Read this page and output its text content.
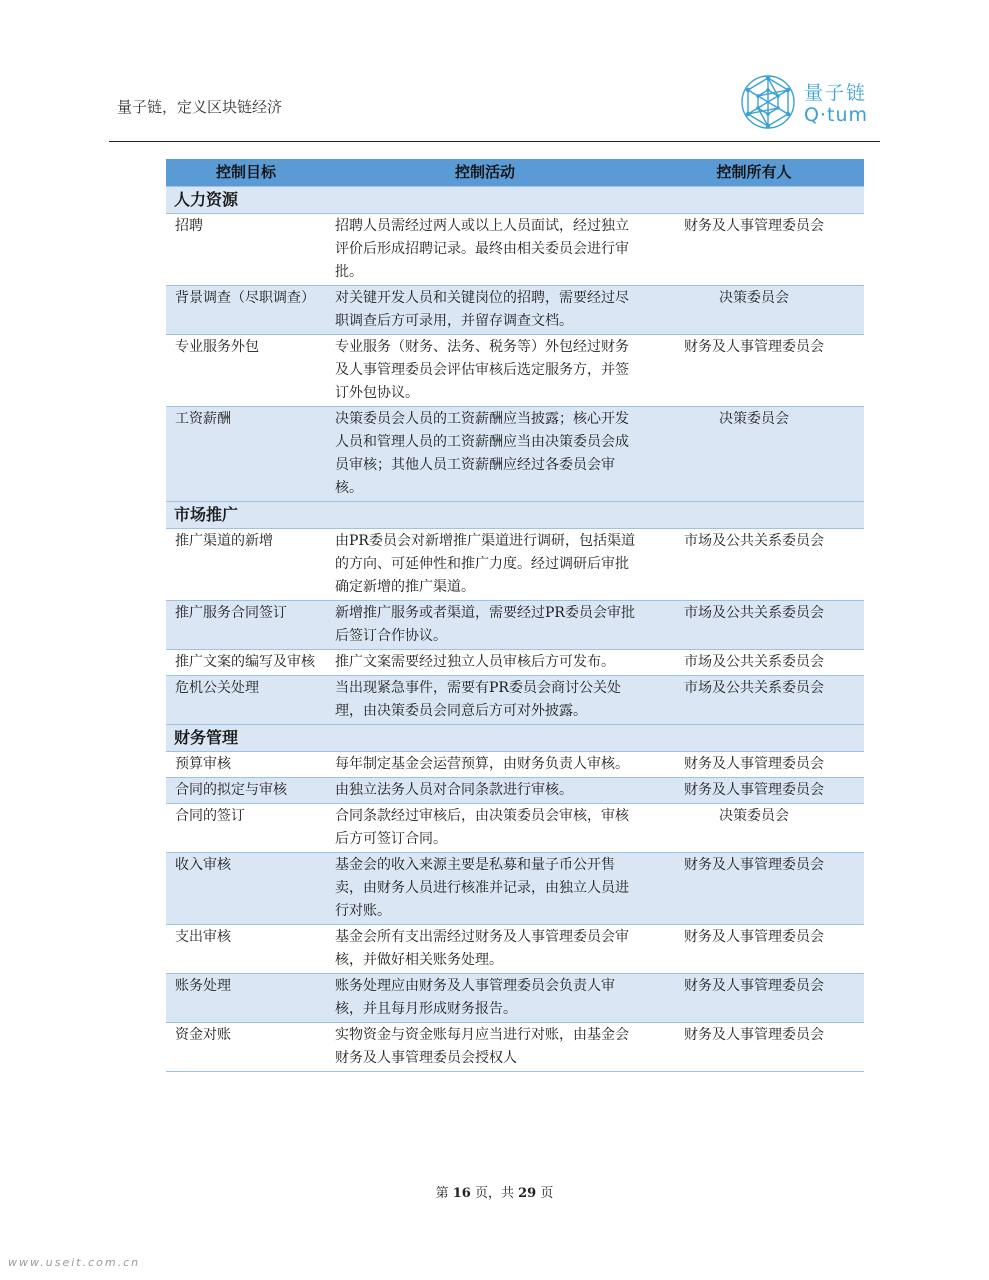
量子链，定义区块链经济
量子链
Q·tum
控制目标	控制活动	控制所有人
人力资源		
招聘	招聘人员需经过两人或以上人员面试，经过独立评价后形成招聘记录。最终由相关委员会进行审批。	财务及人事管理委员会
背景调查（尽职调查）	对关键开发人员和关键岗位的招聘，需要经过尽职调查后方可录用，并留存调查文档。	决策委员会
专业服务外包	专业服务（财务、法务、税务等）外包经过财务及人事管理委员会评估审核后选定服务方，并签订外包协议。	财务及人事管理委员会
工资薪酬	决策委员会人员的工资薪酬应当披露；核心开发人员和管理人员的工资薪酬应当由决策委员会成员审核；其他人员工资薪酬应经过各委员会审核。	决策委员会
市场推广		
推广渠道的新增	由PR委员会对新增推广渠道进行调研，包括渠道的方向、可延伸性和推广力度。经过调研后审批确定新增的推广渠道。	市场及公共关系委员会
推广服务合同签订	新增推广服务或者渠道，需要经过PR委员会审批后签订合作协议。	市场及公共关系委员会
推广文案的编写及审核	推广文案需要经过独立人员审核后方可发布。	市场及公共关系委员会
危机公关处理	当出现紧急事件，需要有PR委员会商讨公关处理，由决策委员会同意后方可对外披露。	市场及公共关系委员会
财务管理		
预算审核	每年制定基金会运营预算，由财务负责人审核。	财务及人事管理委员会
合同的拟定与审核	由独立法务人员对合同条款进行审核。	财务及人事管理委员会
合同的签订	合同条款经过审核后，由决策委员会审核，审核后方可签订合同。	决策委员会
收入审核	基金会的收入来源主要是私募和量子币公开售卖，由财务人员进行核准并记录，由独立人员进行对账。	财务及人事管理委员会
支出审核	基金会所有支出需经过财务及人事管理委员会审核，并做好相关账务处理。	财务及人事管理委员会
账务处理	账务处理应由财务及人事管理委员会负责人审核，并且每月形成财务报告。	财务及人事管理委员会
资金对账	实物资金与资金账每月应当进行对账，由基金会财务及人事管理委员会授权人	财务及人事管理委员会
第 16 页，共 29 页
www.useit.com.cn
